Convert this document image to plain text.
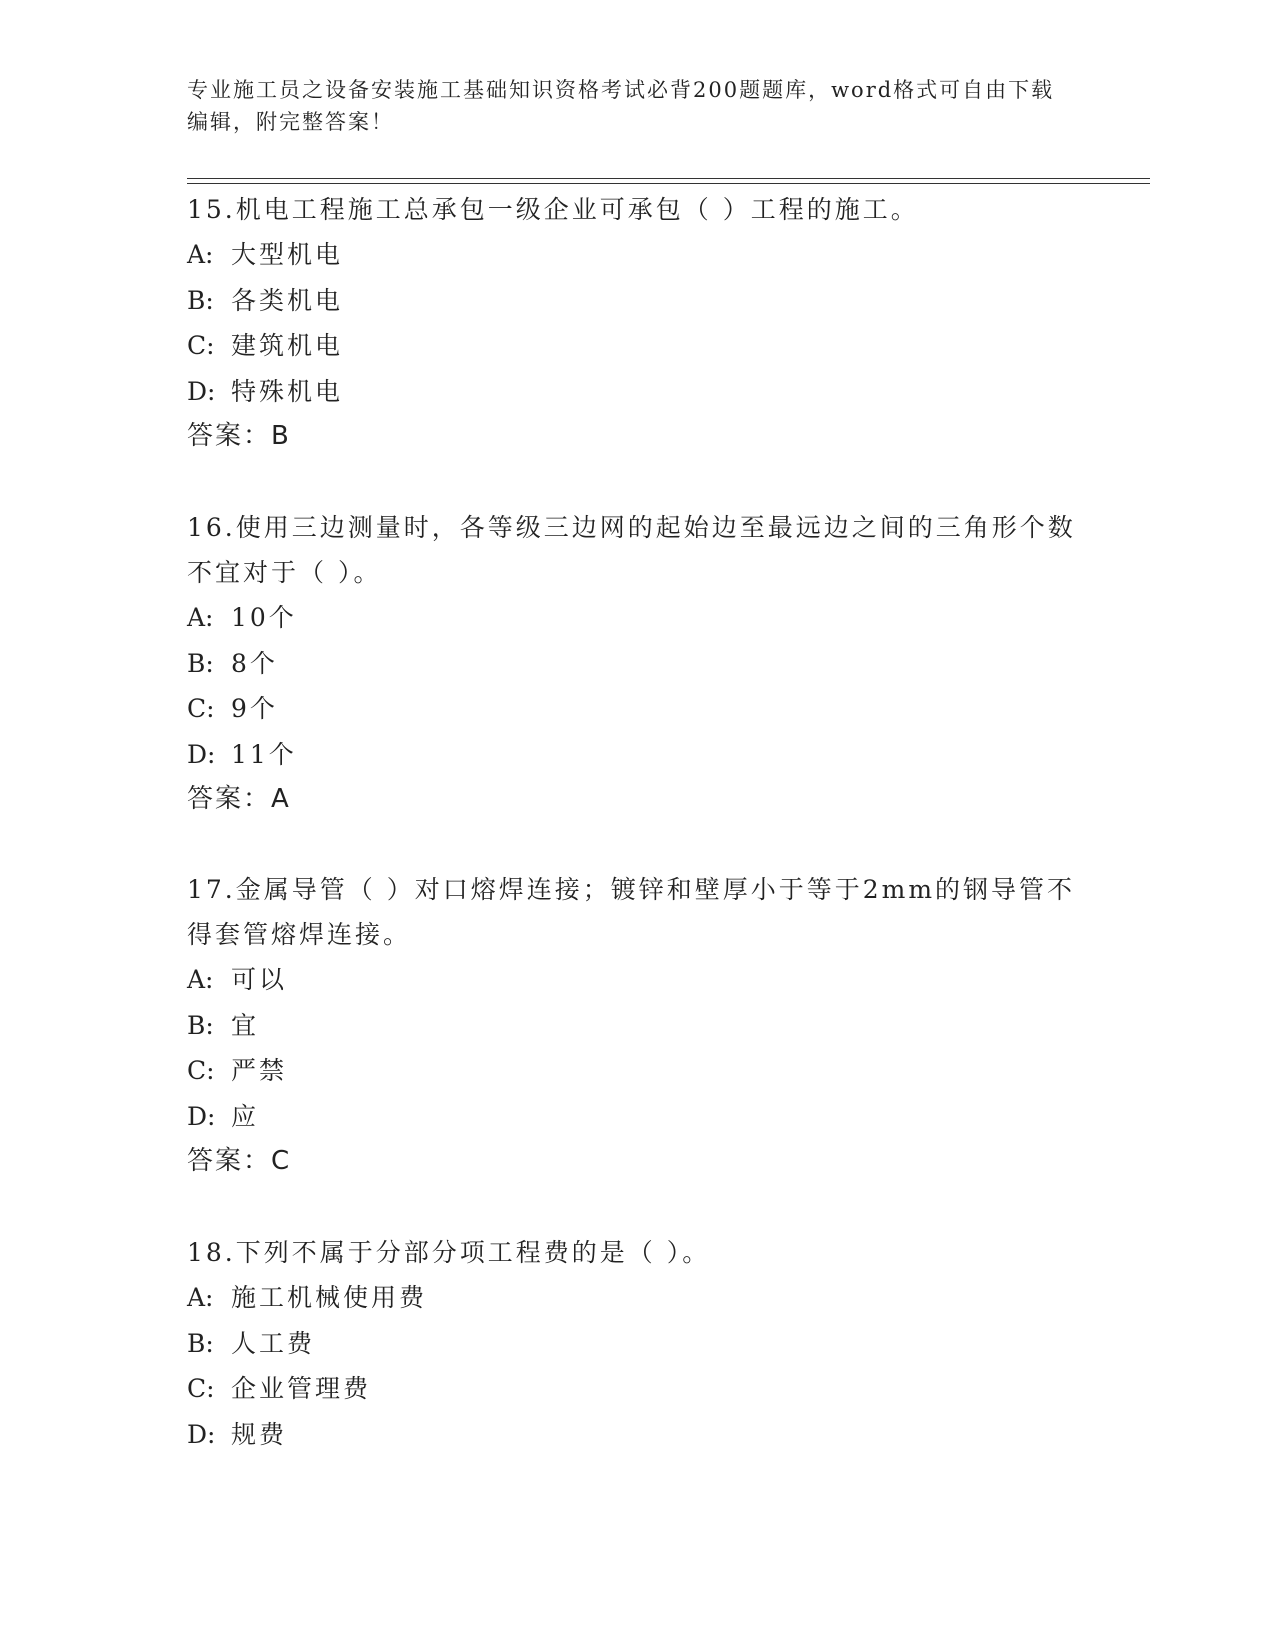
专业施工员之设备安装施工基础知识资格考试必背200题题库，word格式可自由下载编辑，附完整答案！
15.机电工程施工总承包一级企业可承包（ ）工程的施工。
A: 大型机电
B: 各类机电
C: 建筑机电
D: 特殊机电
答案：B
16.使用三边测量时，各等级三边网的起始边至最远边之间的三角形个数不宜对于（ ）。
A: 10个
B: 8个
C: 9个
D: 11个
答案：A
17.金属导管（ ）对口熔焊连接；镀锌和壁厚小于等于2mm的钢导管不得套管熔焊连接。
A: 可以
B: 宜
C: 严禁
D: 应
答案：C
18.下列不属于分部分项工程费的是（ ）。
A: 施工机械使用费
B: 人工费
C: 企业管理费
D: 规费
